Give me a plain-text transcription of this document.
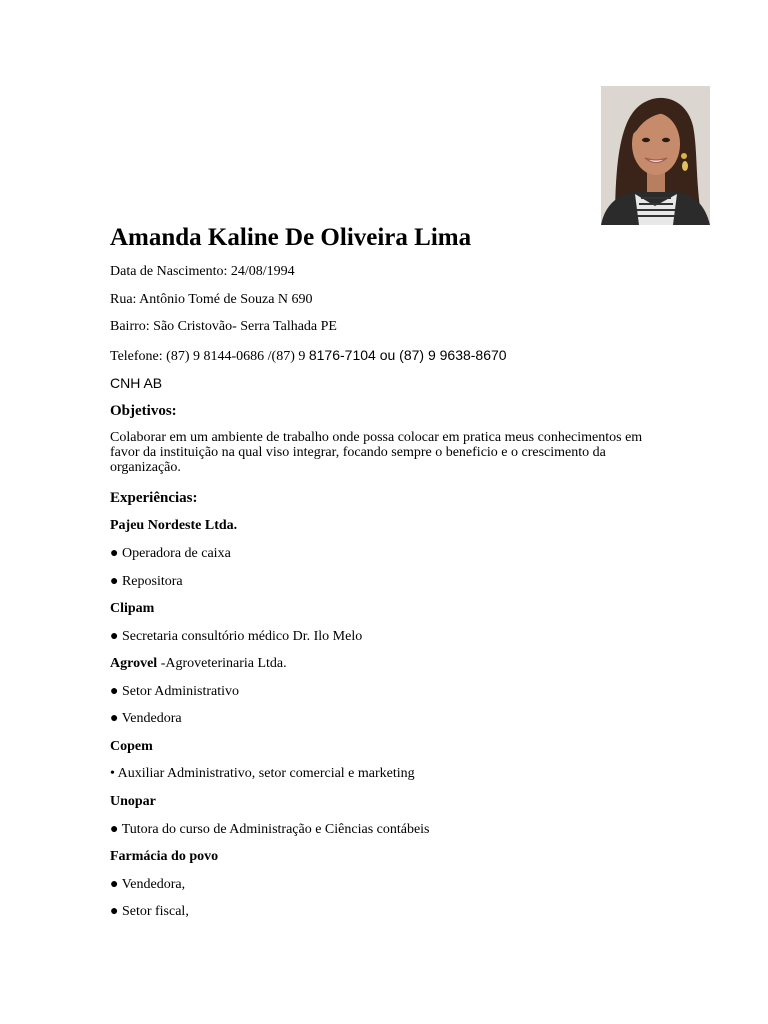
Amanda Kaline De Oliveira Lima

Data de Nascimento: 24/08/1994

Rua: Antônio Tomé de Souza N 690

Bairro: São Cristovão- Serra Talhada PE

Telefone: (87) 9 8144-0686 /(87) 9 8176-7104 ou (87) 9 9638-8670

CNH AB

Objetivos:

Colaborar em um ambiente de trabalho onde possa colocar em pratica meus conhecimentos em favor da instituição na qual viso integrar, focando sempre o beneficio e o crescimento da organização.

Experiências:

Pajeu Nordeste Ltda.

● Operadora de caixa

● Repositora

Clipam

● Secretaria consultório médico Dr. Ilo Melo

Agrovel -Agroveterinaria Ltda.

● Setor Administrativo

● Vendedora

Copem

• Auxiliar Administrativo, setor comercial e marketing

Unopar

● Tutora do curso de Administração e Ciências contábeis

Farmácia do povo

● Vendedora,

● Setor fiscal,
